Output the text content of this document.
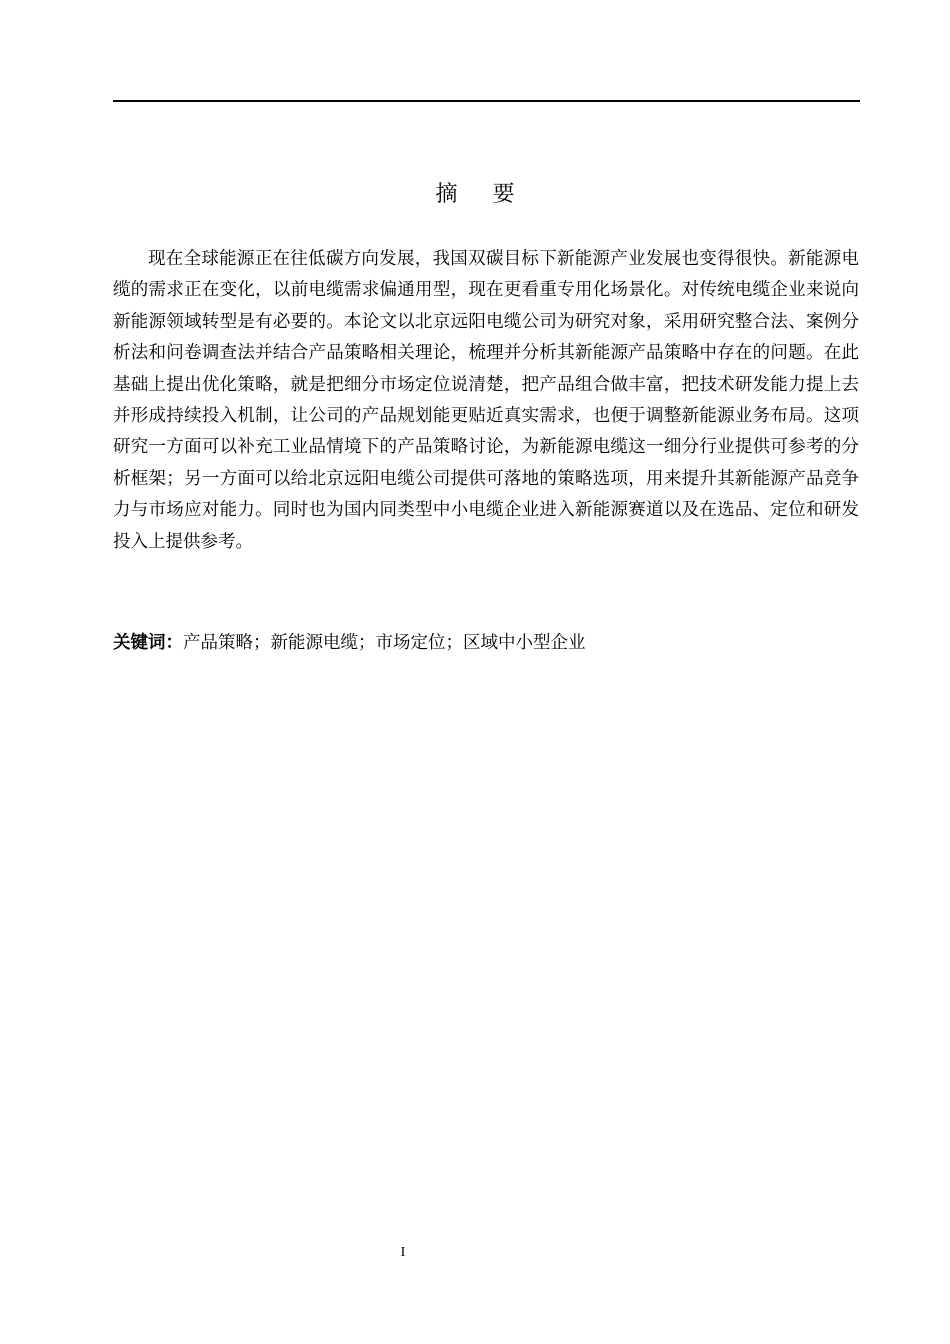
摘 要

现在全球能源正在往低碳方向发展，我国双碳目标下新能源产业发展也变得很快。新能源电缆的需求正在变化，以前电缆需求偏通用型，现在更看重专用化场景化。对传统电缆企业来说向新能源领域转型是有必要的。本论文以北京远阳电缆公司为研究对象，采用研究整合法、案例分析法和问卷调查法并结合产品策略相关理论，梳理并分析其新能源产品策略中存在的问题。在此基础上提出优化策略，就是把细分市场定位说清楚，把产品组合做丰富，把技术研发能力提上去并形成持续投入机制，让公司的产品规划能更贴近真实需求，也便于调整新能源业务布局。这项研究一方面可以补充工业品情境下的产品策略讨论，为新能源电缆这一细分行业提供可参考的分析框架；另一方面可以给北京远阳电缆公司提供可落地的策略选项，用来提升其新能源产品竞争力与市场应对能力。同时也为国内同类型中小电缆企业进入新能源赛道以及在选品、定位和研发投入上提供参考。

关键词：产品策略；新能源电缆；市场定位；区域中小型企业

I
